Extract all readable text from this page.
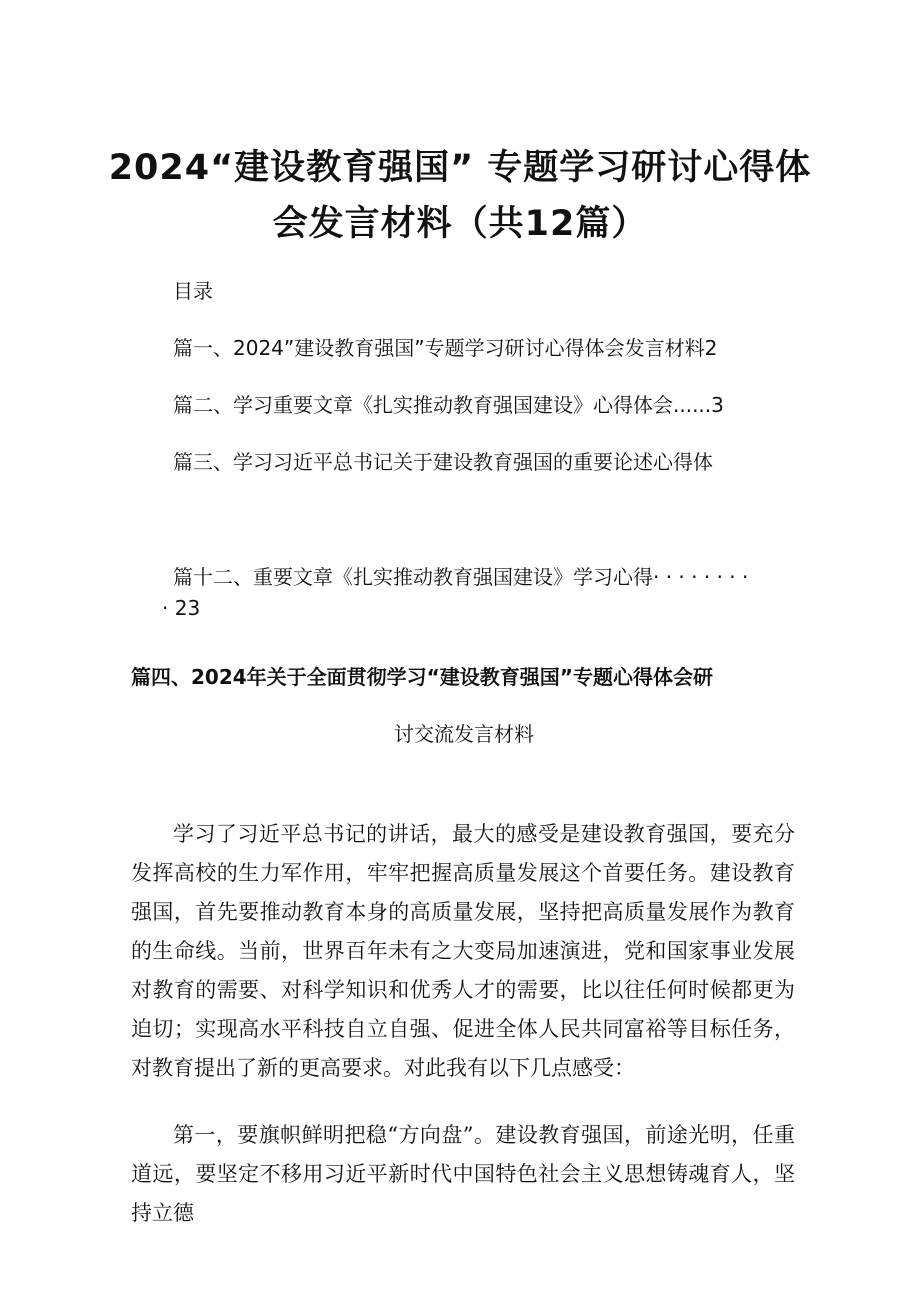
2024“建设教育强国” 专题学习研讨心得体
会发言材料（共12篇）
目录
篇一、2024”建设教育强国”专题学习研讨心得体会发言材料2
篇二、学习重要文章《扎实推动教育强国建设》心得体会......3
篇三、学习习近平总书记关于建设教育强国的重要论述心得体
篇十二、重要文章《扎实推动教育强国建设》学习心得· · · · · · · ·
· 23
篇四、2024年关于全面贯彻学习“建设教育强国”专题心得体会研
讨交流发言材料

学习了习近平总书记的讲话，最大的感受是建设教育强国，要充分发挥高校的生力军作用，牢牢把握高质量发展这个首要任务。建设教育强国，首先要推动教育本身的高质量发展，坚持把高质量发展作为教育的生命线。当前，世界百年未有之大变局加速演进，党和国家事业发展对教育的需要、对科学知识和优秀人才的需要，比以往任何时候都更为迫切；实现高水平科技自立自强、促进全体人民共同富裕等目标任务，对教育提出了新的更高要求。对此我有以下几点感受：

第一，要旗帜鲜明把稳“方向盘”。建设教育强国，前途光明，任重道远，要坚定不移用习近平新时代中国特色社会主义思想铸魂育人，坚持立德
